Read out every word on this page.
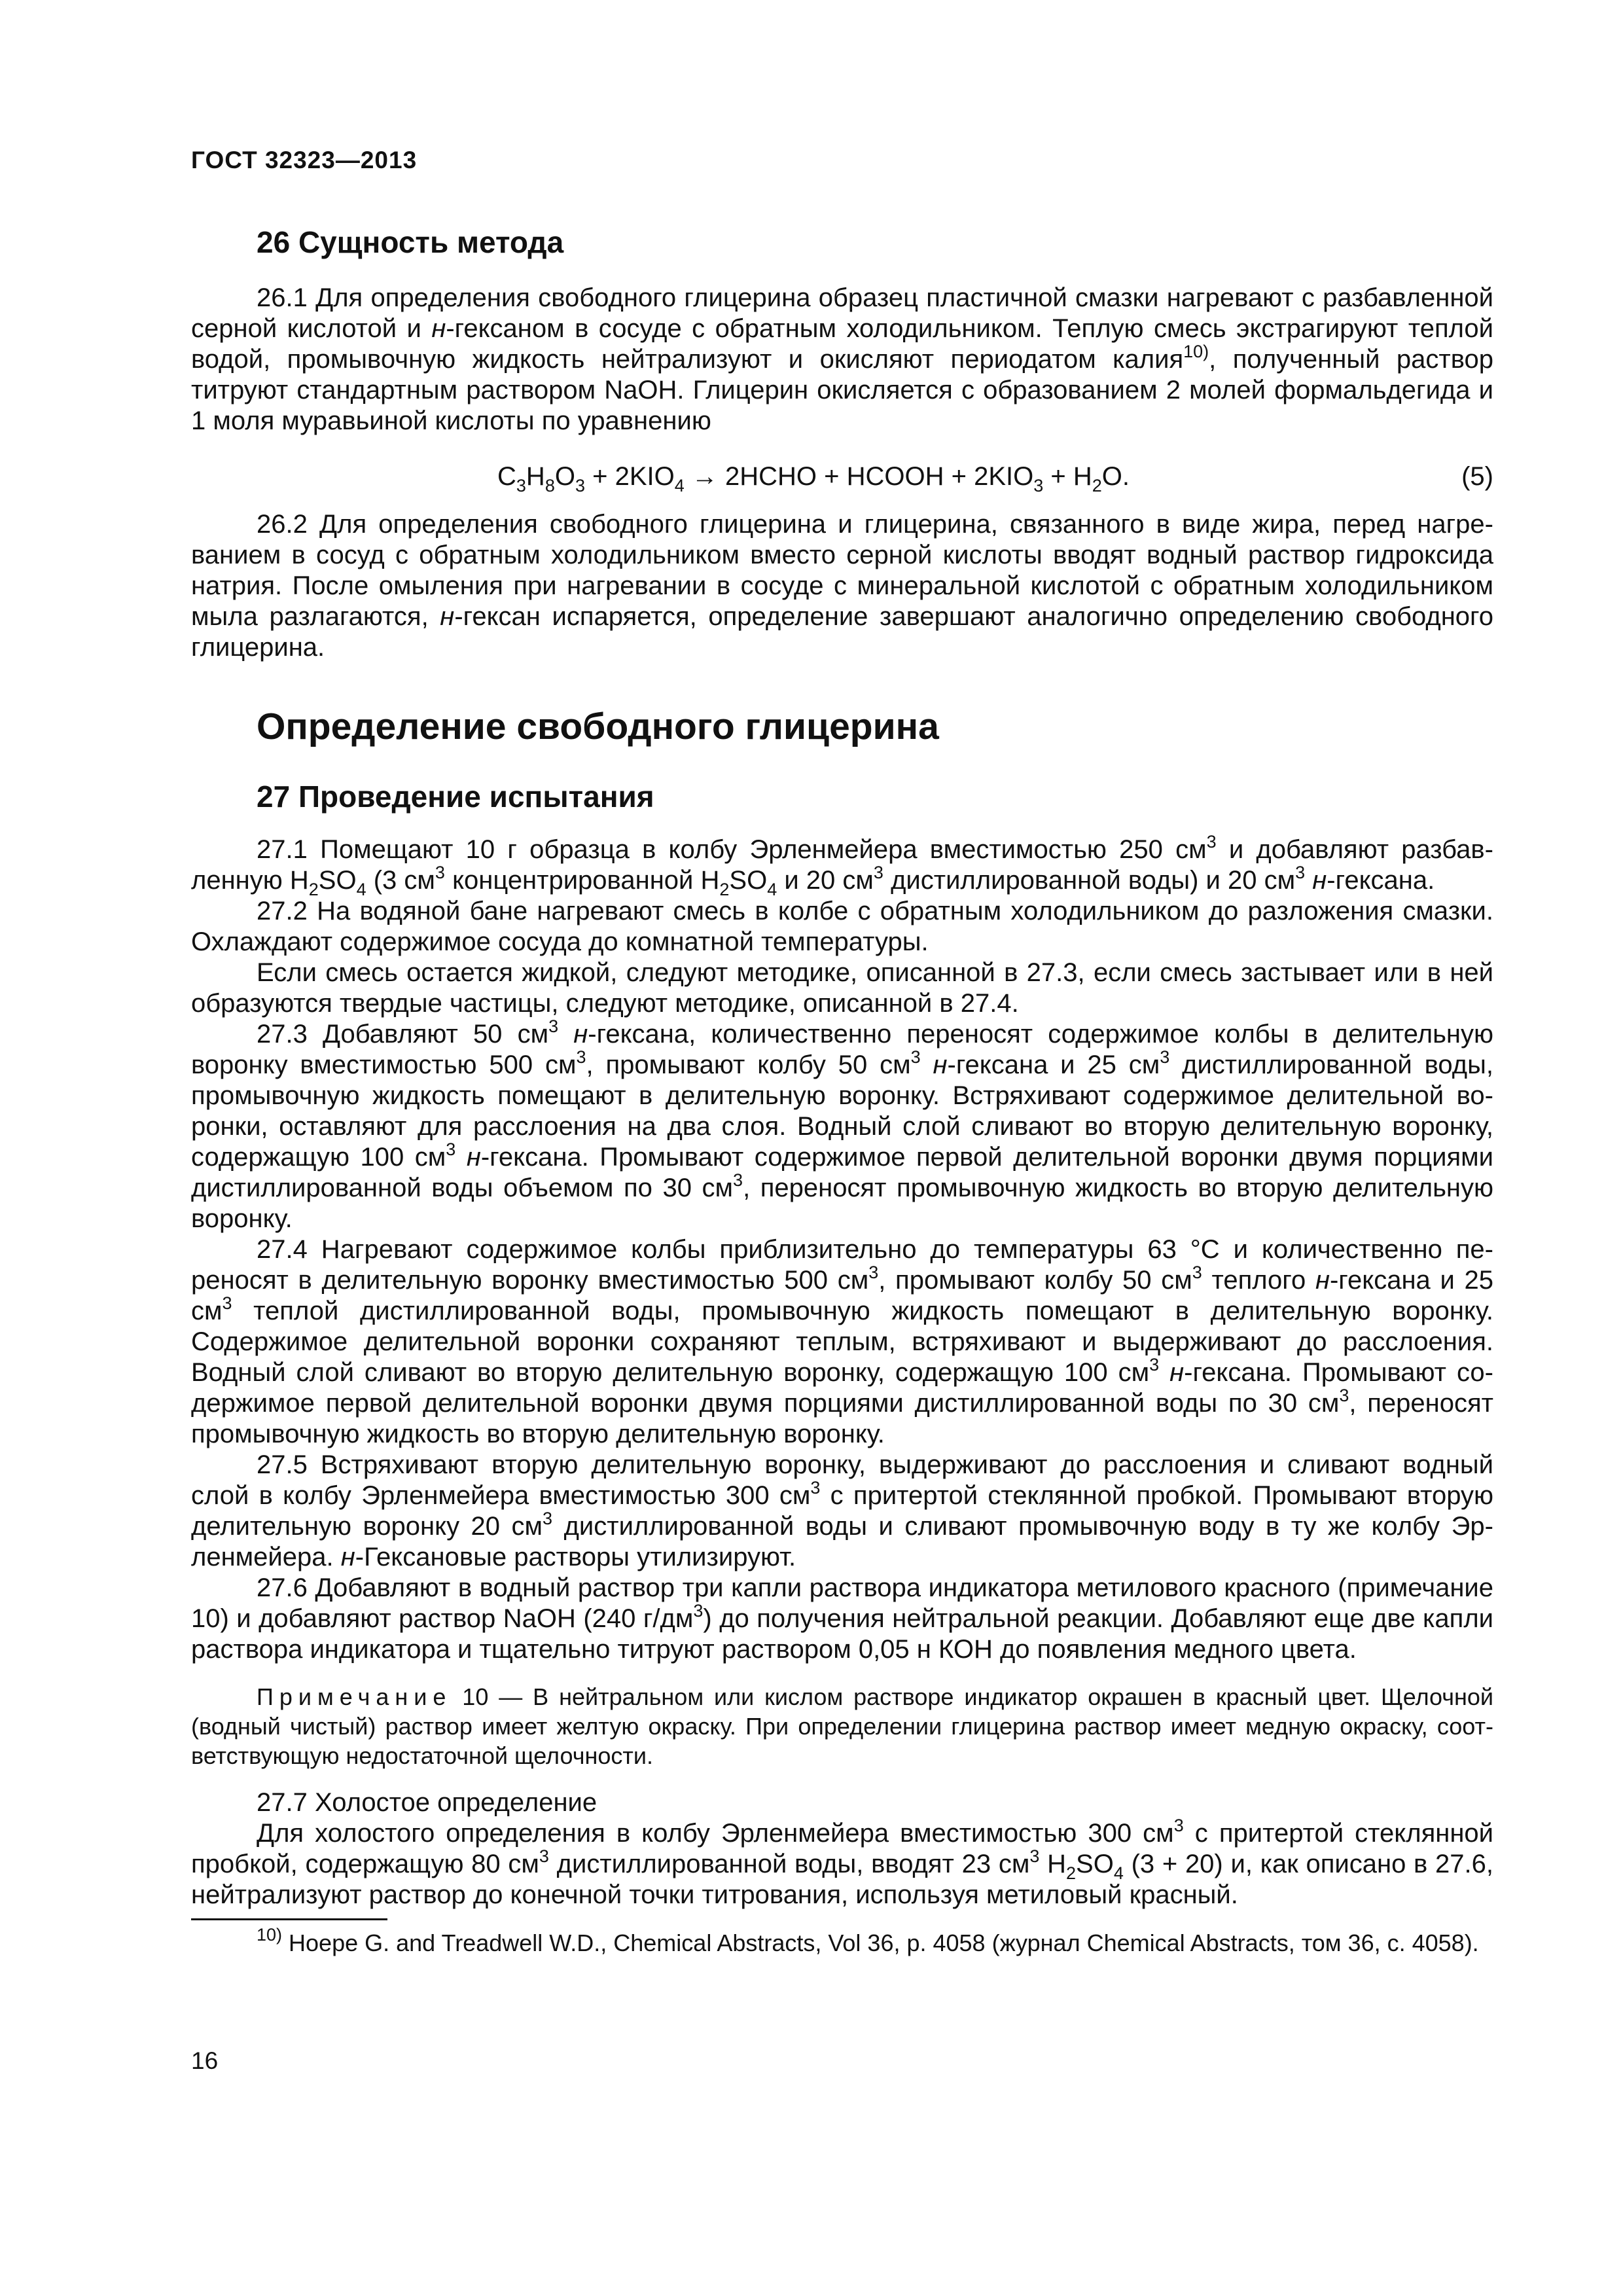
ГОСТ 32323—2013
26 Сущность метода

26.1 Для определения свободного глицерина образец пластичной смазки нагревают с разбавленной серной кислотой и н-гексаном в сосуде с обратным холодильником. Теплую смесь экстрагируют теплой водой, промывочную жидкость нейтрализуют и окисляют периодатом калия$^{10)}$, полученный раствор титруют стандартным раствором NaOH. Глицерин окисляется с образованием 2 молей формальдегида и 1 моля муравьиной кислоты по уравнению

$C_3H_8O_3 + 2KIO_4$ → 2HCHO + HCOOH + $2KIO_3 + H_2O$.	(5)

26.2 Для определения свободного глицерина и глицерина, связанного в виде жира, перед нагреванием в сосуд с обратным холодильником вместо серной кислоты вводят водный раствор гидроксида натрия. После омыления при нагревании в сосуде с минеральной кислотой с обратным холодильником мыла разлагаются, н-гексан испаряется, определение завершают аналогично определению свободного глицерина.

Определение свободного глицерина
27 Проведение испытания

27.1 Помещают 10 г образца в колбу Эрленмейера вместимостью 250 $см^3$ и добавляют разбавленную $H_2SO_4$ (3 $см^3$ концентрированной $H_2SO_4$ и 20 $см^3$ дистиллированной воды) и 20 $см^3$ н-гексана.

27.2 На водяной бане нагревают смесь в колбе с обратным холодильником до разложения смазки. Охлаждают содержимое сосуда до комнатной температуры.

Если смесь остается жидкой, следуют методике, описанной в 27.3, если смесь застывает или в ней образуются твердые частицы, следуют методике, описанной в 27.4.

27.3 Добавляют 50 $см^3$ н-гексана, количественно переносят содержимое колбы в делительную воронку вместимостью 500 $см^3$, промывают колбу 50 $см^3$ н-гексана и 25 $см^3$ дистиллированной воды, промывочную жидкость помещают в делительную воронку. Встряхивают содержимое делительной воронки, оставляют для расслоения на два слоя. Водный слой сливают во вторую делительную воронку, содержащую 100 $см^3$ н-гексана. Промывают содержимое первой делительной воронки двумя порциями дистиллированной воды объемом по 30 $см^3$, переносят промывочную жидкость во вторую делительную воронку.

27.4 Нагревают содержимое колбы приблизительно до температуры 63 °С и количественно переносят в делительную воронку вместимостью 500 $см^3$, промывают колбу 50 $см^3$ теплого н-гексана и 25 $см^3$ теплой дистиллированной воды, промывочную жидкость помещают в делительную воронку. Содержимое делительной воронки сохраняют теплым, встряхивают и выдерживают до расслоения. Водный слой сливают во вторую делительную воронку, содержащую 100 $см^3$ н-гексана. Промывают содержимое первой делительной воронки двумя порциями дистиллированной воды по 30 $см^3$, переносят промывочную жидкость во вторую делительную воронку.

27.5 Встряхивают вторую делительную воронку, выдерживают до расслоения и сливают водный слой в колбу Эрленмейера вместимостью 300 $см^3$ с притертой стеклянной пробкой. Промывают вторую делительную воронку 20 $см^3$ дистиллированной воды и сливают промывочную воду в ту же колбу Эрленмейера. н-Гексановые растворы утилизируют.

27.6 Добавляют в водный раствор три капли раствора индикатора метилового красного (примечание 10) и добавляют раствор NaOH (240 $г/дм^3$) до получения нейтральной реакции. Добавляют еще две капли раствора индикатора и тщательно титруют раствором 0,05 н КОН до появления медного цвета.

Примечание 10 — В нейтральном или кислом растворе индикатор окрашен в красный цвет. Щелочной (водный чистый) раствор имеет желтую окраску. При определении глицерина раствор имеет медную окраску, соответствующую недостаточной щелочности.

27.7 Холостое определение

Для холостого определения в колбу Эрленмейера вместимостью 300 $см^3$ с притертой стеклянной пробкой, содержащую 80 $см^3$ дистиллированной воды, вводят 23 $см^3$ $H_2SO_4$ (3 + 20) и, как описано в 27.6, нейтрализуют раствор до конечной точки титрования, используя метиловый красный.

$^{10)}$ Hoepe G. and Treadwell W.D., Chemical Abstracts, Vol 36, p. 4058 (журнал Chemical Abstracts, том 36, с. 4058).

16
